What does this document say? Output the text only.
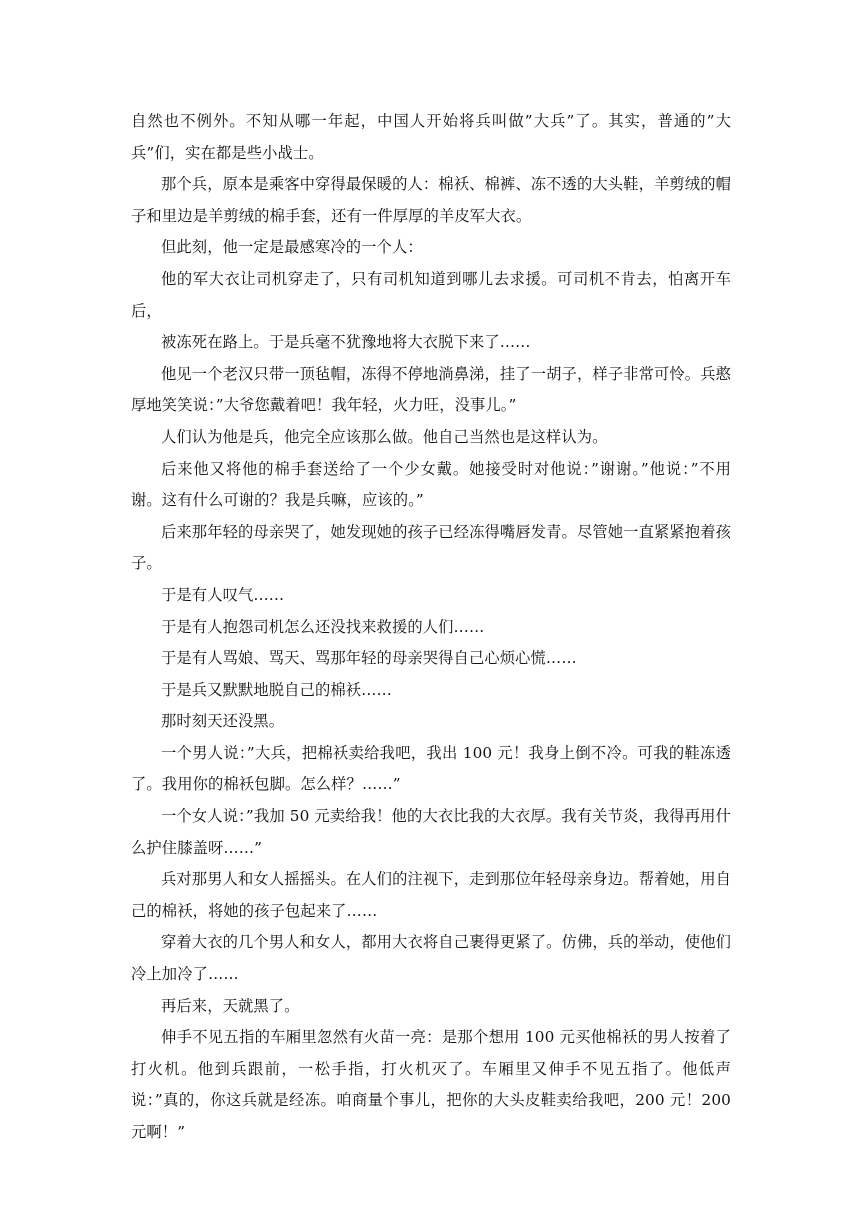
自然也不例外。不知从哪一年起，中国人开始将兵叫做”大兵”了。其实，普通的”大兵”们，实在都是些小战士。

那个兵，原本是乘客中穿得最保暖的人：棉袄、棉裤、冻不透的大头鞋，羊剪绒的帽子和里边是羊剪绒的棉手套，还有一件厚厚的羊皮军大衣。

但此刻，他一定是最感寒冷的一个人：

他的军大衣让司机穿走了，只有司机知道到哪儿去求援。可司机不肯去，怕离开车后，

被冻死在路上。于是兵毫不犹豫地将大衣脱下来了……

他见一个老汉只带一顶毡帽，冻得不停地淌鼻涕，挂了一胡子，样子非常可怜。兵憨厚地笑笑说：”大爷您戴着吧！我年轻，火力旺，没事儿。”

人们认为他是兵，他完全应该那么做。他自己当然也是这样认为。

后来他又将他的棉手套送给了一个少女戴。她接受时对他说：”谢谢。”他说：”不用谢。这有什么可谢的？我是兵嘛，应该的。”

后来那年轻的母亲哭了，她发现她的孩子已经冻得嘴唇发青。尽管她一直紧紧抱着孩子。

于是有人叹气……

于是有人抱怨司机怎么还没找来救援的人们……

于是有人骂娘、骂天、骂那年轻的母亲哭得自己心烦心慌……

于是兵又默默地脱自己的棉袄……

那时刻天还没黑。

一个男人说：”大兵，把棉袄卖给我吧，我出 100 元！我身上倒不冷。可我的鞋冻透了。我用你的棉袄包脚。怎么样？……”

一个女人说：”我加 50 元卖给我！他的大衣比我的大衣厚。我有关节炎，我得再用什么护住膝盖呀……”

兵对那男人和女人摇摇头。在人们的注视下，走到那位年轻母亲身边。帮着她，用自己的棉袄，将她的孩子包起来了……

穿着大衣的几个男人和女人，都用大衣将自己裹得更紧了。仿佛，兵的举动，使他们冷上加冷了……

再后来，天就黑了。

伸手不见五指的车厢里忽然有火苗一亮：是那个想用 100 元买他棉袄的男人按着了打火机。他到兵跟前，一松手指，打火机灭了。车厢里又伸手不见五指了。他低声说：”真的，你这兵就是经冻。咱商量个事儿，把你的大头皮鞋卖给我吧，200 元！200 元啊！”
